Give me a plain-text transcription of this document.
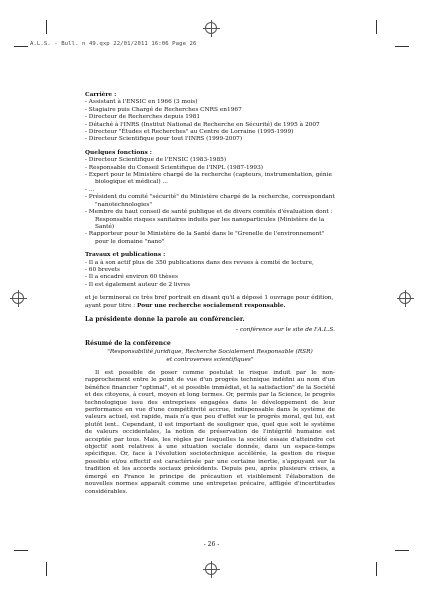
A.L.S. - Bull. n 49.qxp 22/01/2011 16:06 Page 26
Carrière :
- Assistant à l'ENSIC en 1966 (3 mois)
- Stagiaire puis Chargé de Recherches CNRS en1967
- Directeur de Recherches depuis 1981
- Détaché à l'INRS (Institut National de Recherche en Sécurité) de 1995 à 2007
- Directeur "Études et Recherches" au Centre de Lorraine (1995-1999)
- Directeur Scientifique pour tout l'INRS (1999-2007)
Quelques fonctions :
- Directeur Scientifique de l'ENSIC (1983-1985)
- Responsable du Conseil Scientifique de l'INPL (1987-1993)
- Expert pour le Ministère chargé de la recherche (capteurs, instrumentation, génie biologique et médical) ...
- ...
- Président du comité "sécurité" du Ministère chargé de la recherche, correspondant "nanotechnologies"
- Membre du haut conseil de santé publique et de divers comités d'évaluation dont : Responsable risques sanitaires induits par les nanoparticules (Ministère de la Santé)
- Rapporteur pour le Ministère de la Santé dans le "Grenelle de l'environnement" pour le domaine "nano"
Travaux et publications :
- Il a à son actif plus de 350 publications dans des revues à comité de lecture,
- 60 brevets
- Il a encadré environ 60 thèses
- Il est également auteur de 2 livres
et je terminerai ce très bref portrait en disant qu'il a déposé 1 ouvrage pour édition, ayant pour titre : Pour une recherche socialement responsable.
La présidente donne la parole au conférencier.
- conférence sur le site de l'A.L.S.
Résumé de la conférence
"Responsabilité juridique, Recherche Socialement Responsable (RSR)
et controverses scientifiques"
Il est possible de poser comme postulat le risque induit par le non-rapprochement entre le point de vue d'un progrès technique indéfini au nom d'un bénéfice financier "optimal", et si possible immédiat, et la satisfaction" de la Société et des citoyens, à court, moyen et long termes. Or, permis par la Science, le progrès technologique issu des entreprises engagées dans le développement de leur performance en vue d'une compétitivité accrue, indispensable dans le système de valeurs actuel, est rapide, mais n'a que peu d'effet sur le progrès moral, qui lui, est plutôt lent.. Cependant, il est important de souligner que, quel que soit le système de valeurs occidentales, la notion de préservation de l'intégrité humaine est acceptée par tous. Mais, les règles par lesquelles la société essaie d'atteindre cet objectif sont relatives à une situation sociale donnée, dans un espace-temps spécifique. Or, face à l'évolution sociotechnique accélérée, la gestion du risque possible et/ou effectif est caractérisée par une certaine inertie, s'appuyant sur la tradition et les accords sociaux précédents. Depuis peu, après plusieurs crises, a émergé en France le principe de précaution et visiblement l'élaboration de nouvelles normes apparaît comme une entreprise précaire, affligée d'incertitudes considérables.
- 26 -
